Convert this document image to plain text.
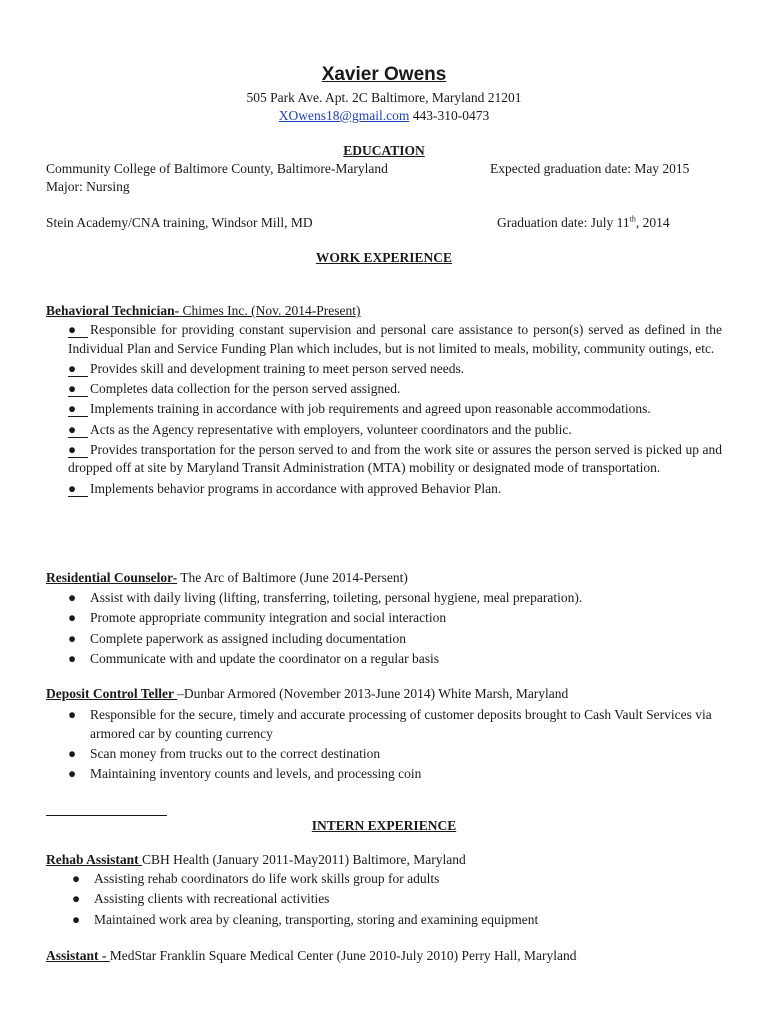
Xavier Owens
505 Park Ave. Apt. 2C Baltimore, Maryland 21201
XOwens18@gmail.com 443-310-0473
EDUCATION
Community College of Baltimore County, Baltimore-Maryland	Expected graduation date: May 2015
Major: Nursing
Stein Academy/CNA training, Windsor Mill, MD	Graduation date: July 11th, 2014
WORK EXPERIENCE
Behavioral Technician- Chimes Inc. (Nov. 2014-Present)
●	Responsible for providing constant supervision and personal care assistance to person(s) served as defined in the Individual Plan and Service Funding Plan which includes, but is not limited to meals, mobility, community outings, etc.
●	Provides skill and development training to meet person served needs.
●	Completes data collection for the person served assigned.
●	Implements training in accordance with job requirements and agreed upon reasonable accommodations.
●	Acts as the Agency representative with employers, volunteer coordinators and the public.
●	Provides transportation for the person served to and from the work site or assures the person served is picked up and dropped off at site by Maryland Transit Administration (MTA) mobility or designated mode of transportation.
●	Implements behavior programs in accordance with approved Behavior Plan.
Residential Counselor- The Arc of Baltimore (June 2014-Persent)
●	Assist with daily living (lifting, transferring, toileting, personal hygiene, meal preparation).
●	Promote appropriate community integration and social interaction
●	Complete paperwork as assigned including documentation
●	Communicate with and update the coordinator on a regular basis
Deposit Control Teller –Dunbar Armored (November 2013-June 2014) White Marsh, Maryland
●	Responsible for the secure, timely and accurate processing of customer deposits brought to Cash Vault Services via armored car by counting currency
●	Scan money from trucks out to the correct destination
●	Maintaining inventory counts and levels, and processing coin
INTERN EXPERIENCE
Rehab Assistant CBH Health (January 2011-May2011) Baltimore, Maryland
●	Assisting rehab coordinators do life work skills group for adults
●	Assisting clients with recreational activities
●	Maintained work area by cleaning, transporting, storing and examining equipment
Assistant - MedStar Franklin Square Medical Center (June 2010-July 2010) Perry Hall, Maryland
